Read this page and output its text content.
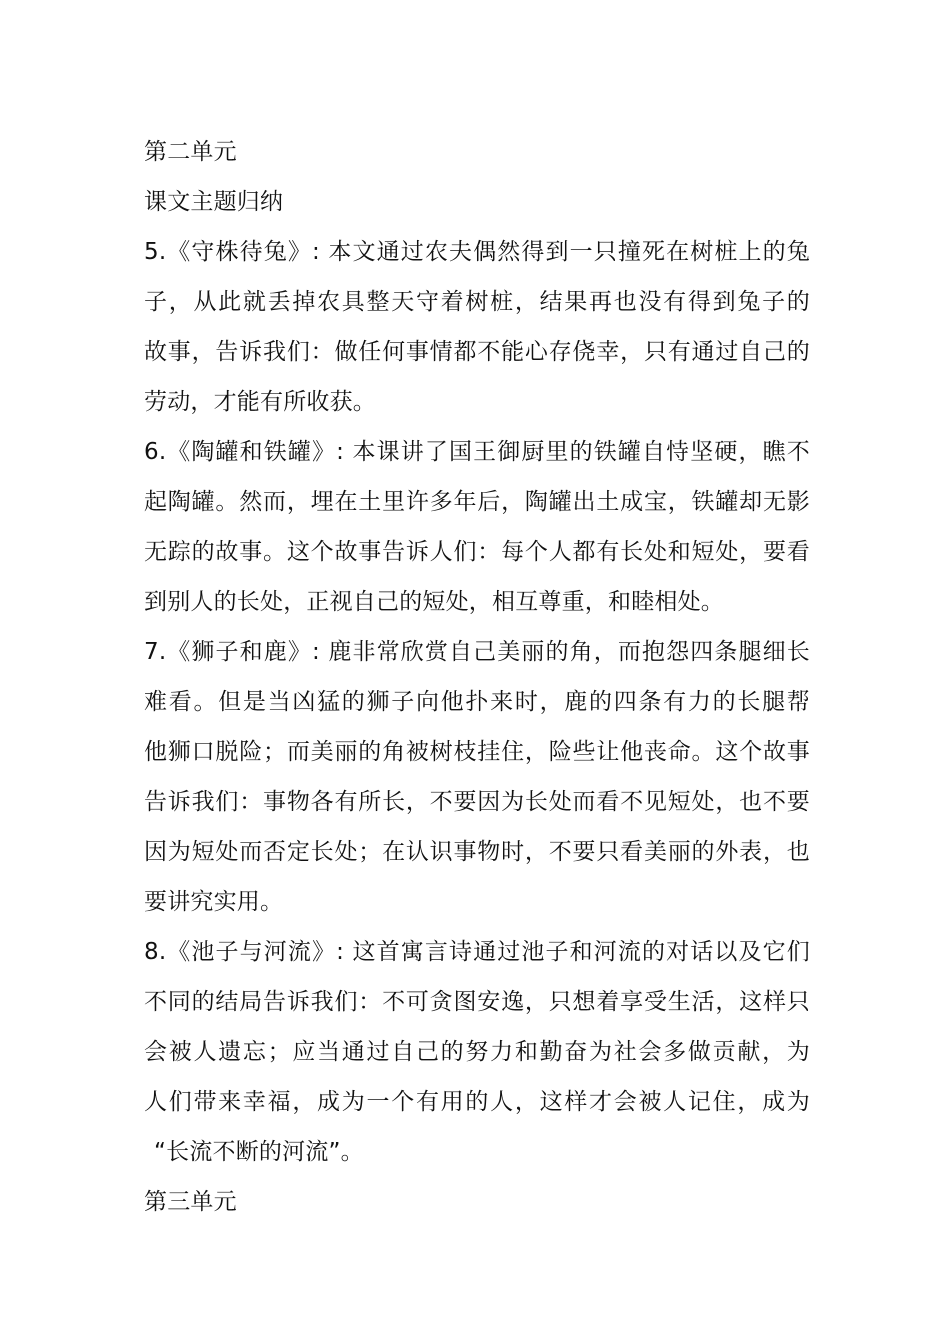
第二单元
课文主题归纳
5.《守株待兔》: 本文通过农夫偶然得到一只撞死在树桩上的兔
子，从此就丢掉农具整天守着树桩，结果再也没有得到兔子的
故事，告诉我们：做任何事情都不能心存侥幸，只有通过自己的
劳动，才能有所收获。
6.《陶罐和铁罐》: 本课讲了国王御厨里的铁罐自恃坚硬，瞧不
起陶罐。然而，埋在土里许多年后，陶罐出土成宝，铁罐却无影
无踪的故事。这个故事告诉人们：每个人都有长处和短处，要看
到别人的长处，正视自己的短处，相互尊重，和睦相处。
7.《狮子和鹿》: 鹿非常欣赏自己美丽的角，而抱怨四条腿细长
难看。但是当凶猛的狮子向他扑来时，鹿的四条有力的长腿帮
他狮口脱险；而美丽的角被树枝挂住，险些让他丧命。这个故事
告诉我们：事物各有所长，不要因为长处而看不见短处，也不要
因为短处而否定长处；在认识事物时，不要只看美丽的外表，也
要讲究实用。
8.《池子与河流》: 这首寓言诗通过池子和河流的对话以及它们
不同的结局告诉我们：不可贪图安逸，只想着享受生活，这样只
会被人遗忘；应当通过自己的努力和勤奋为社会多做贡献，为
人们带来幸福，成为一个有用的人，这样才会被人记住，成为
“长流不断的河流”。
第三单元
